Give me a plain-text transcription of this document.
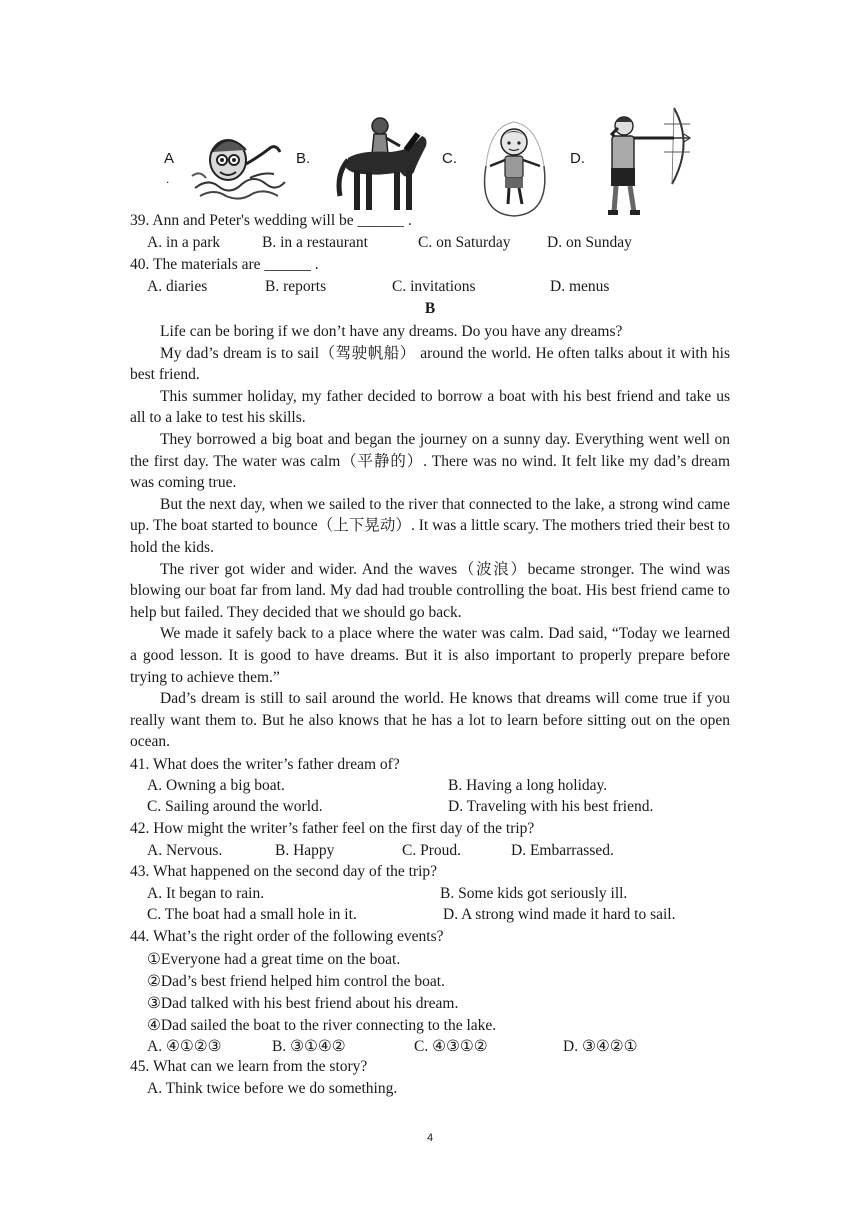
A
.
B.	C.	D.
39. Ann and Peter's wedding will be ______ .
A. in a park	B. in a restaurant	C. on Saturday D. on Sunday
40. The materials are ______ .
A. diaries	B. reports	C. invitations	D. menus
B

Life can be boring if we don’t have any dreams. Do you have any dreams?

My dad’s dream is to sail（驾驶帆船） around the world. He often talks about it with his best friend.

This summer holiday, my father decided to borrow a boat with his best friend and take us all to a lake to test his skills.

They borrowed a big boat and began the journey on a sunny day. Everything went well on the first day. The water was calm（平静的）. There was no wind. It felt like my dad’s dream was coming true.

But the next day, when we sailed to the river that connected to the lake, a strong wind came up. The boat started to bounce（上下晃动）. It was a little scary. The mothers tried their best to hold the kids.

The river got wider and wider. And the waves（波浪）became stronger. The wind was blowing our boat far from land. My dad had trouble controlling the boat. His best friend came to help but failed. They decided that we should go back.

We made it safely back to a place where the water was calm. Dad said, “Today we learned a good lesson. It is good to have dreams. But it is also important to properly prepare before trying to achieve them.”

Dad’s dream is still to sail around the world. He knows that dreams will come true if you really want them to. But he also knows that he has a lot to learn before sitting out on the open ocean.

41. What does the writer’s father dream of?
A. Owning a big boat.	B. Having a long holiday.
C. Sailing around the world.	D. Traveling with his best friend.
42. How might the writer’s father feel on the first day of the trip?
A. Nervous.	B. Happy	C. Proud.	D. Embarrassed.
43. What happened on the second day of the trip?
A. It began to rain.	B. Some kids got seriously ill.
C. The boat had a small hole in it.	D. A strong wind made it hard to sail.
44. What’s the right order of the following events?
①Everyone had a great time on the boat.
②Dad’s best friend helped him control the boat.
③Dad talked with his best friend about his dream.
④Dad sailed the boat to the river connecting to the lake.
A. ④①②③	B. ③①④②	C. ④③①②	D. ③④②①
45. What can we learn from the story?
A. Think twice before we do something.
4
